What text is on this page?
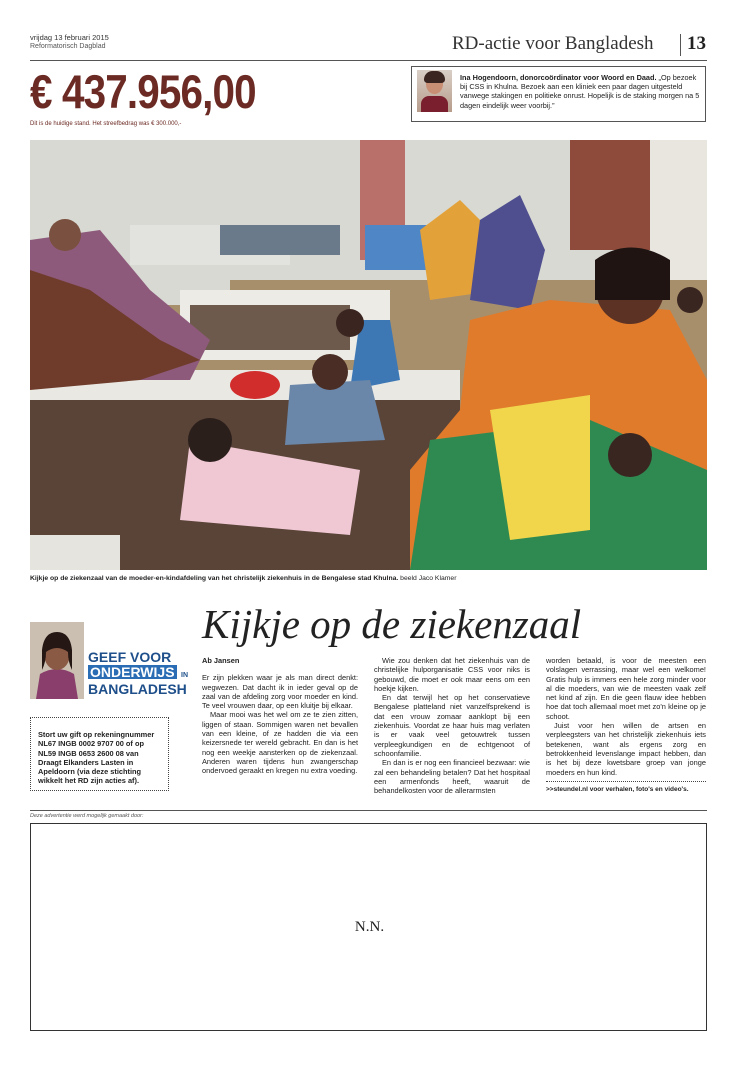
vrijdag 13 februari 2015
Reformatorisch Dagblad	RD-actie voor Bangladesh 13
€ 437.956,00
Dit is de huidige stand. Het streefbedrag was € 300.000,-
Ina Hogendoorn, donorcoördinator voor Woord en Daad. „Op bezoek bij CSS in Khulna. Bezoek aan een kliniek een paar dagen uitgesteld vanwege stakingen en politieke onrust. Hopelijk is de staking morgen na 5 dagen eindelijk weer voorbij.”
Kijkje op de ziekenzaal van de moeder-en-kindafdeling van het christelijk ziekenhuis in de Bengalese stad Khulna. beeld Jaco Klamer
Kijkje op de ziekenzaal
GEEF VOOR
ONDERWIJS IN
BANGLADESH
Stort uw gift op rekeningnummer NL67 INGB 0002 9707 00 of op NL59 INGB 0653 2600 08 van Draagt Elkanders Lasten in Apeldoorn (via deze stichting wikkelt het RD zijn acties af).

Ab Jansen

Er zijn plekken waar je als man direct denkt: wegwezen. Dat dacht ik in ieder geval op de zaal van de afdeling zorg voor moeder en kind. Te veel vrouwen daar, op een kluitje bij elkaar.

Maar mooi was het wel om ze te zien zitten, liggen of staan. Sommigen waren net bevallen van een kleine, of ze hadden die via een keizersnede ter wereld gebracht. En dan is het nog een weekje aansterken op de ziekenzaal. Anderen waren tijdens hun zwangerschap ondervoed geraakt en kregen nu extra voeding.

Wie zou denken dat het ziekenhuis van de christelijke hulporganisatie CSS voor niks is gebouwd, die moet er ook maar eens om een hoekje kijken.

En dat terwijl het op het conservatieve Bengalese platteland niet vanzelfsprekend is dat een vrouw zomaar aanklopt bij een ziekenhuis. Voordat ze haar huis mag verlaten is er vaak veel getouwtrek tussen verpleegkundigen en de echtgenoot of schoonfamilie.

En dan is er nog een financieel bezwaar: wie zal een behandeling betalen? Dat het hospitaal een armenfonds heeft, waaruit de behandelkosten voor de allerarmsten

worden betaald, is voor de meesten een volslagen verrassing, maar wel een welkome! Gratis hulp is immers een hele zorg minder voor al die moeders, van wie de meesten vaak zelf net kind af zijn. En die geen flauw idee hebben hoe dat toch allemaal moet met zo'n kleine op je schoot.

Juist voor hen willen de artsen en verpleegsters van het christelijk ziekenhuis iets betekenen, want als ergens zorg en betrokkenheid levenslange impact hebben, dan is het bij deze kwetsbare groep van jonge moeders en hun kind.

>>steundel.nl voor verhalen, foto's en video's.
Deze advertentie werd mogelijk gemaakt door:
N.N.
